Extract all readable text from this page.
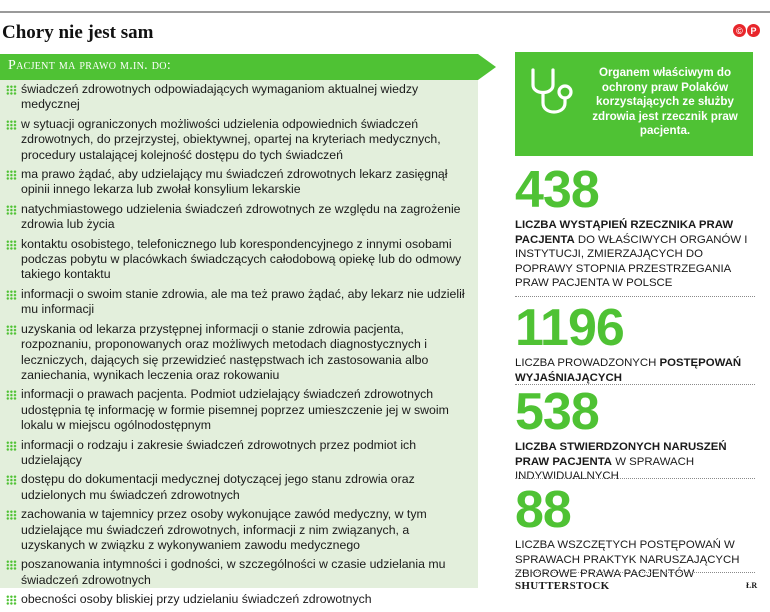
Chory nie jest sam	© P
Pacjent ma prawo m.in. do:
świadczeń zdrowotnych odpowiadających wymaganiom aktualnej wiedzy medycznej
w sytuacji ograniczonych możliwości udzielenia odpowiednich świadczeń zdrowotnych, do przejrzystej, obiektywnej, opartej na kryteriach medycznych, procedury ustalającej kolejność dostępu do tych świadczeń
ma prawo żądać, aby udzielający mu świadczeń zdrowotnych lekarz zasięgnął opinii innego lekarza lub zwołał konsylium lekarskie
natychmiastowego udzielenia świadczeń zdrowotnych ze względu na zagrożenie zdrowia lub życia
kontaktu osobistego, telefonicznego lub korespondencyjnego z innymi osobami podczas pobytu w placówkach świadczących całodobową opiekę lub do odmowy takiego kontaktu
informacji o swoim stanie zdrowia, ale ma też prawo żądać, aby lekarz nie udzielił mu informacji
uzyskania od lekarza przystępnej informacji o stanie zdrowia pacjenta, rozpoznaniu, proponowanych oraz możliwych metodach diagnostycznych i leczniczych, dających się przewidzieć następstwach ich zastosowania albo zaniechania, wynikach leczenia oraz rokowaniu
informacji o prawach pacjenta. Podmiot udzielający świadczeń zdrowotnych udostępnia tę informację w formie pisemnej poprzez umieszczenie jej w swoim lokalu w miejscu ogólnodostępnym
informacji o rodzaju i zakresie świadczeń zdrowotnych przez podmiot ich udzielający
dostępu do dokumentacji medycznej dotyczącej jego stanu zdrowia oraz udzielonych mu świadczeń zdrowotnych
zachowania w tajemnicy przez osoby wykonujące zawód medyczny, w tym udzielające mu świadczeń zdrowotnych, informacji z nim związanych, a uzyskanych w związku z wykonywaniem zawodu medycznego
poszanowania intymności i godności, w szczególności w czasie udzielania mu świadczeń zdrowotnych
obecności osoby bliskiej przy udzielaniu świadczeń zdrowotnych
Organem właściwym do ochrony praw Polaków korzystających ze służby zdrowia jest rzecznik praw pacjenta.
438
LICZBA WYSTĄPIEŃ RZECZNIKA PRAW PACJENTA DO WŁAŚCIWYCH ORGANÓW I INSTYTUCJI, ZMIERZAJĄCYCH DO POPRAWY STOPNIA PRZESTRZEGANIA PRAW PACJENTA W POLSCE
1196
LICZBA PROWADZONYCH POSTĘPOWAŃ WYJAŚNIAJĄCYCH
538
LICZBA STWIERDZONYCH NARUSZEŃ PRAW PACJENTA W SPRAWACH INDYWIDUALNYCH
88
LICZBA WSZCZĘTYCH POSTĘPOWAŃ W SPRAWACH PRAKTYK NARUSZAJĄCYCH ZBIOROWE PRAWA PACJENTÓW
SHUTTERSTOCK	ŁR
